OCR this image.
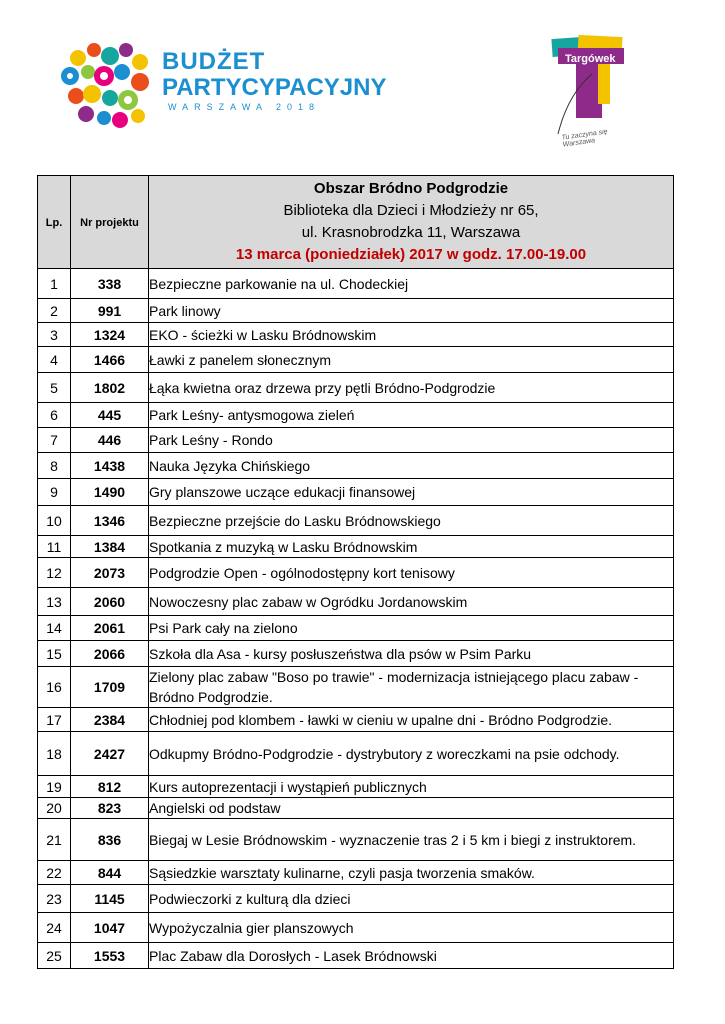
BUDŻET
PARTYCYPACYJNY
WARSZAWA 2018
Targówek
Tu zaczyna się Warszawa
Lp.	Nr projektu	Obszar Bródno Podgrodzie
Biblioteka dla Dzieci i Młodzieży nr 65,
ul. Krasnobrodzka 11, Warszawa
13 marca (poniedziałek) 2017 w godz. 17.00-19.00

1	338	Bezpieczne parkowanie na ul. Chodeckiej
2	991	Park linowy
3	1324	EKO - ścieżki w Lasku Bródnowskim
4	1466	Ławki z panelem słonecznym
5	1802	Łąka kwietna oraz drzewa przy pętli Bródno-Podgrodzie
6	445	Park Leśny- antysmogowa zieleń
7	446	Park Leśny - Rondo
8	1438	Nauka Języka Chińskiego
9	1490	Gry planszowe uczące edukacji finansowej
10	1346	Bezpieczne przejście do Lasku Bródnowskiego
11	1384	Spotkania z muzyką w Lasku Bródnowskim
12	2073	Podgrodzie Open - ogólnodostępny kort tenisowy
13	2060	Nowoczesny plac zabaw w Ogródku Jordanowskim
14	2061	Psi Park cały na zielono
15	2066	Szkoła dla Asa - kursy posłuszeństwa dla psów w Psim Parku
16	1709	Zielony plac zabaw "Boso po trawie" - modernizacja istniejącego placu zabaw - Bródno Podgrodzie.
17	2384	Chłodniej pod klombem - ławki w cieniu w upalne dni - Bródno Podgrodzie.
18	2427	Odkupmy Bródno-Podgrodzie - dystrybutory z woreczkami na psie odchody.
19	812	Kurs autoprezentacji i wystąpień publicznych
20	823	Angielski od podstaw
21	836	Biegaj w Lesie Bródnowskim - wyznaczenie tras 2 i 5 km i biegi z instruktorem.
22	844	Sąsiedzkie warsztaty kulinarne, czyli pasja tworzenia smaków.
23	1145	Podwieczorki z kulturą dla dzieci
24	1047	Wypożyczalnia gier planszowych
25	1553	Plac Zabaw dla Dorosłych - Lasek Bródnowski
